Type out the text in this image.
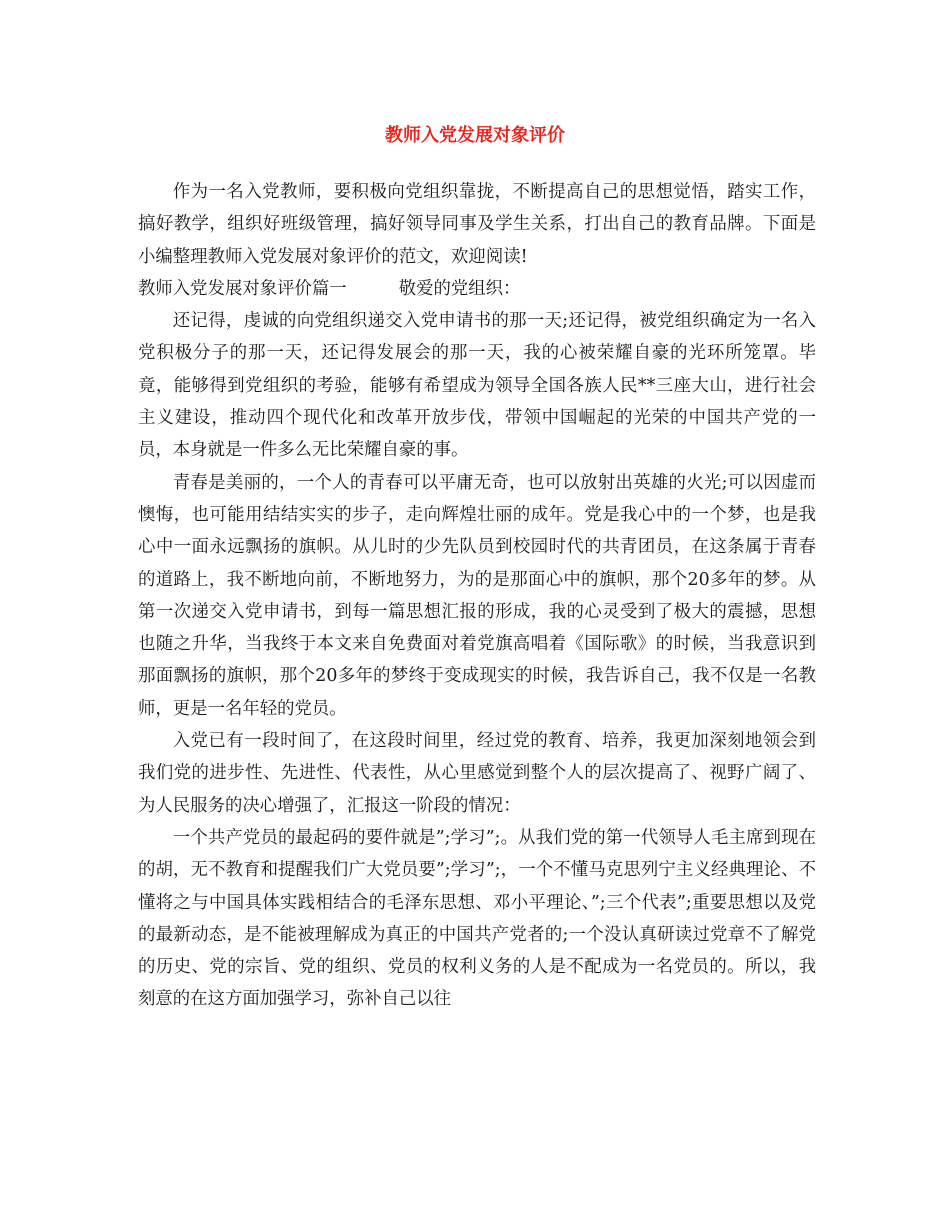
教师入党发展对象评价

作为一名入党教师，要积极向党组织靠拢，不断提高自己的思想觉悟，踏实工作，搞好教学，组织好班级管理，搞好领导同事及学生关系，打出自己的教育品牌。下面是小编整理教师入党发展对象评价的范文，欢迎阅读!

教师入党发展对象评价篇一	敬爱的党组织：

还记得，虔诚的向党组织递交入党申请书的那一天;还记得，被党组织确定为一名入党积极分子的那一天，还记得发展会的那一天，我的心被荣耀自豪的光环所笼罩。毕竟，能够得到党组织的考验，能够有希望成为领导全国各族人民**三座大山，进行社会主义建设，推动四个现代化和改革开放步伐，带领中国崛起的光荣的中国共产党的一员，本身就是一件多么无比荣耀自豪的事。

青春是美丽的，一个人的青春可以平庸无奇，也可以放射出英雄的火光;可以因虚而懊悔，也可能用结结实实的步子，走向辉煌壮丽的成年。党是我心中的一个梦，也是我心中一面永远飘扬的旗帜。从儿时的少先队员到校园时代的共青团员，在这条属于青春的道路上，我不断地向前，不断地努力，为的是那面心中的旗帜，那个20多年的梦。从第一次递交入党申请书，到每一篇思想汇报的形成，我的心灵受到了极大的震撼，思想也随之升华，当我终于本文来自免费面对着党旗高唱着《国际歌》的时候，当我意识到那面飘扬的旗帜，那个20多年的梦终于变成现实的时候，我告诉自己，我不仅是一名教师，更是一名年轻的党员。

入党已有一段时间了，在这段时间里，经过党的教育、培养，我更加深刻地领会到我们党的进步性、先进性、代表性，从心里感觉到整个人的层次提高了、视野广阔了、为人民服务的决心增强了，汇报这一阶段的情况：

一个共产党员的最起码的要件就是”;学习”;。从我们党的第一代领导人毛主席到现在的胡，无不教育和提醒我们广大党员要”;学习”;，一个不懂马克思列宁主义经典理论、不懂将之与中国具体实践相结合的毛泽东思想、邓小平理论、”;三个代表”;重要思想以及党的最新动态，是不能被理解成为真正的中国共产党者的;一个没认真研读过党章不了解党的历史、党的宗旨、党的组织、党员的权利义务的人是不配成为一名党员的。所以，我刻意的在这方面加强学习，弥补自己以往
